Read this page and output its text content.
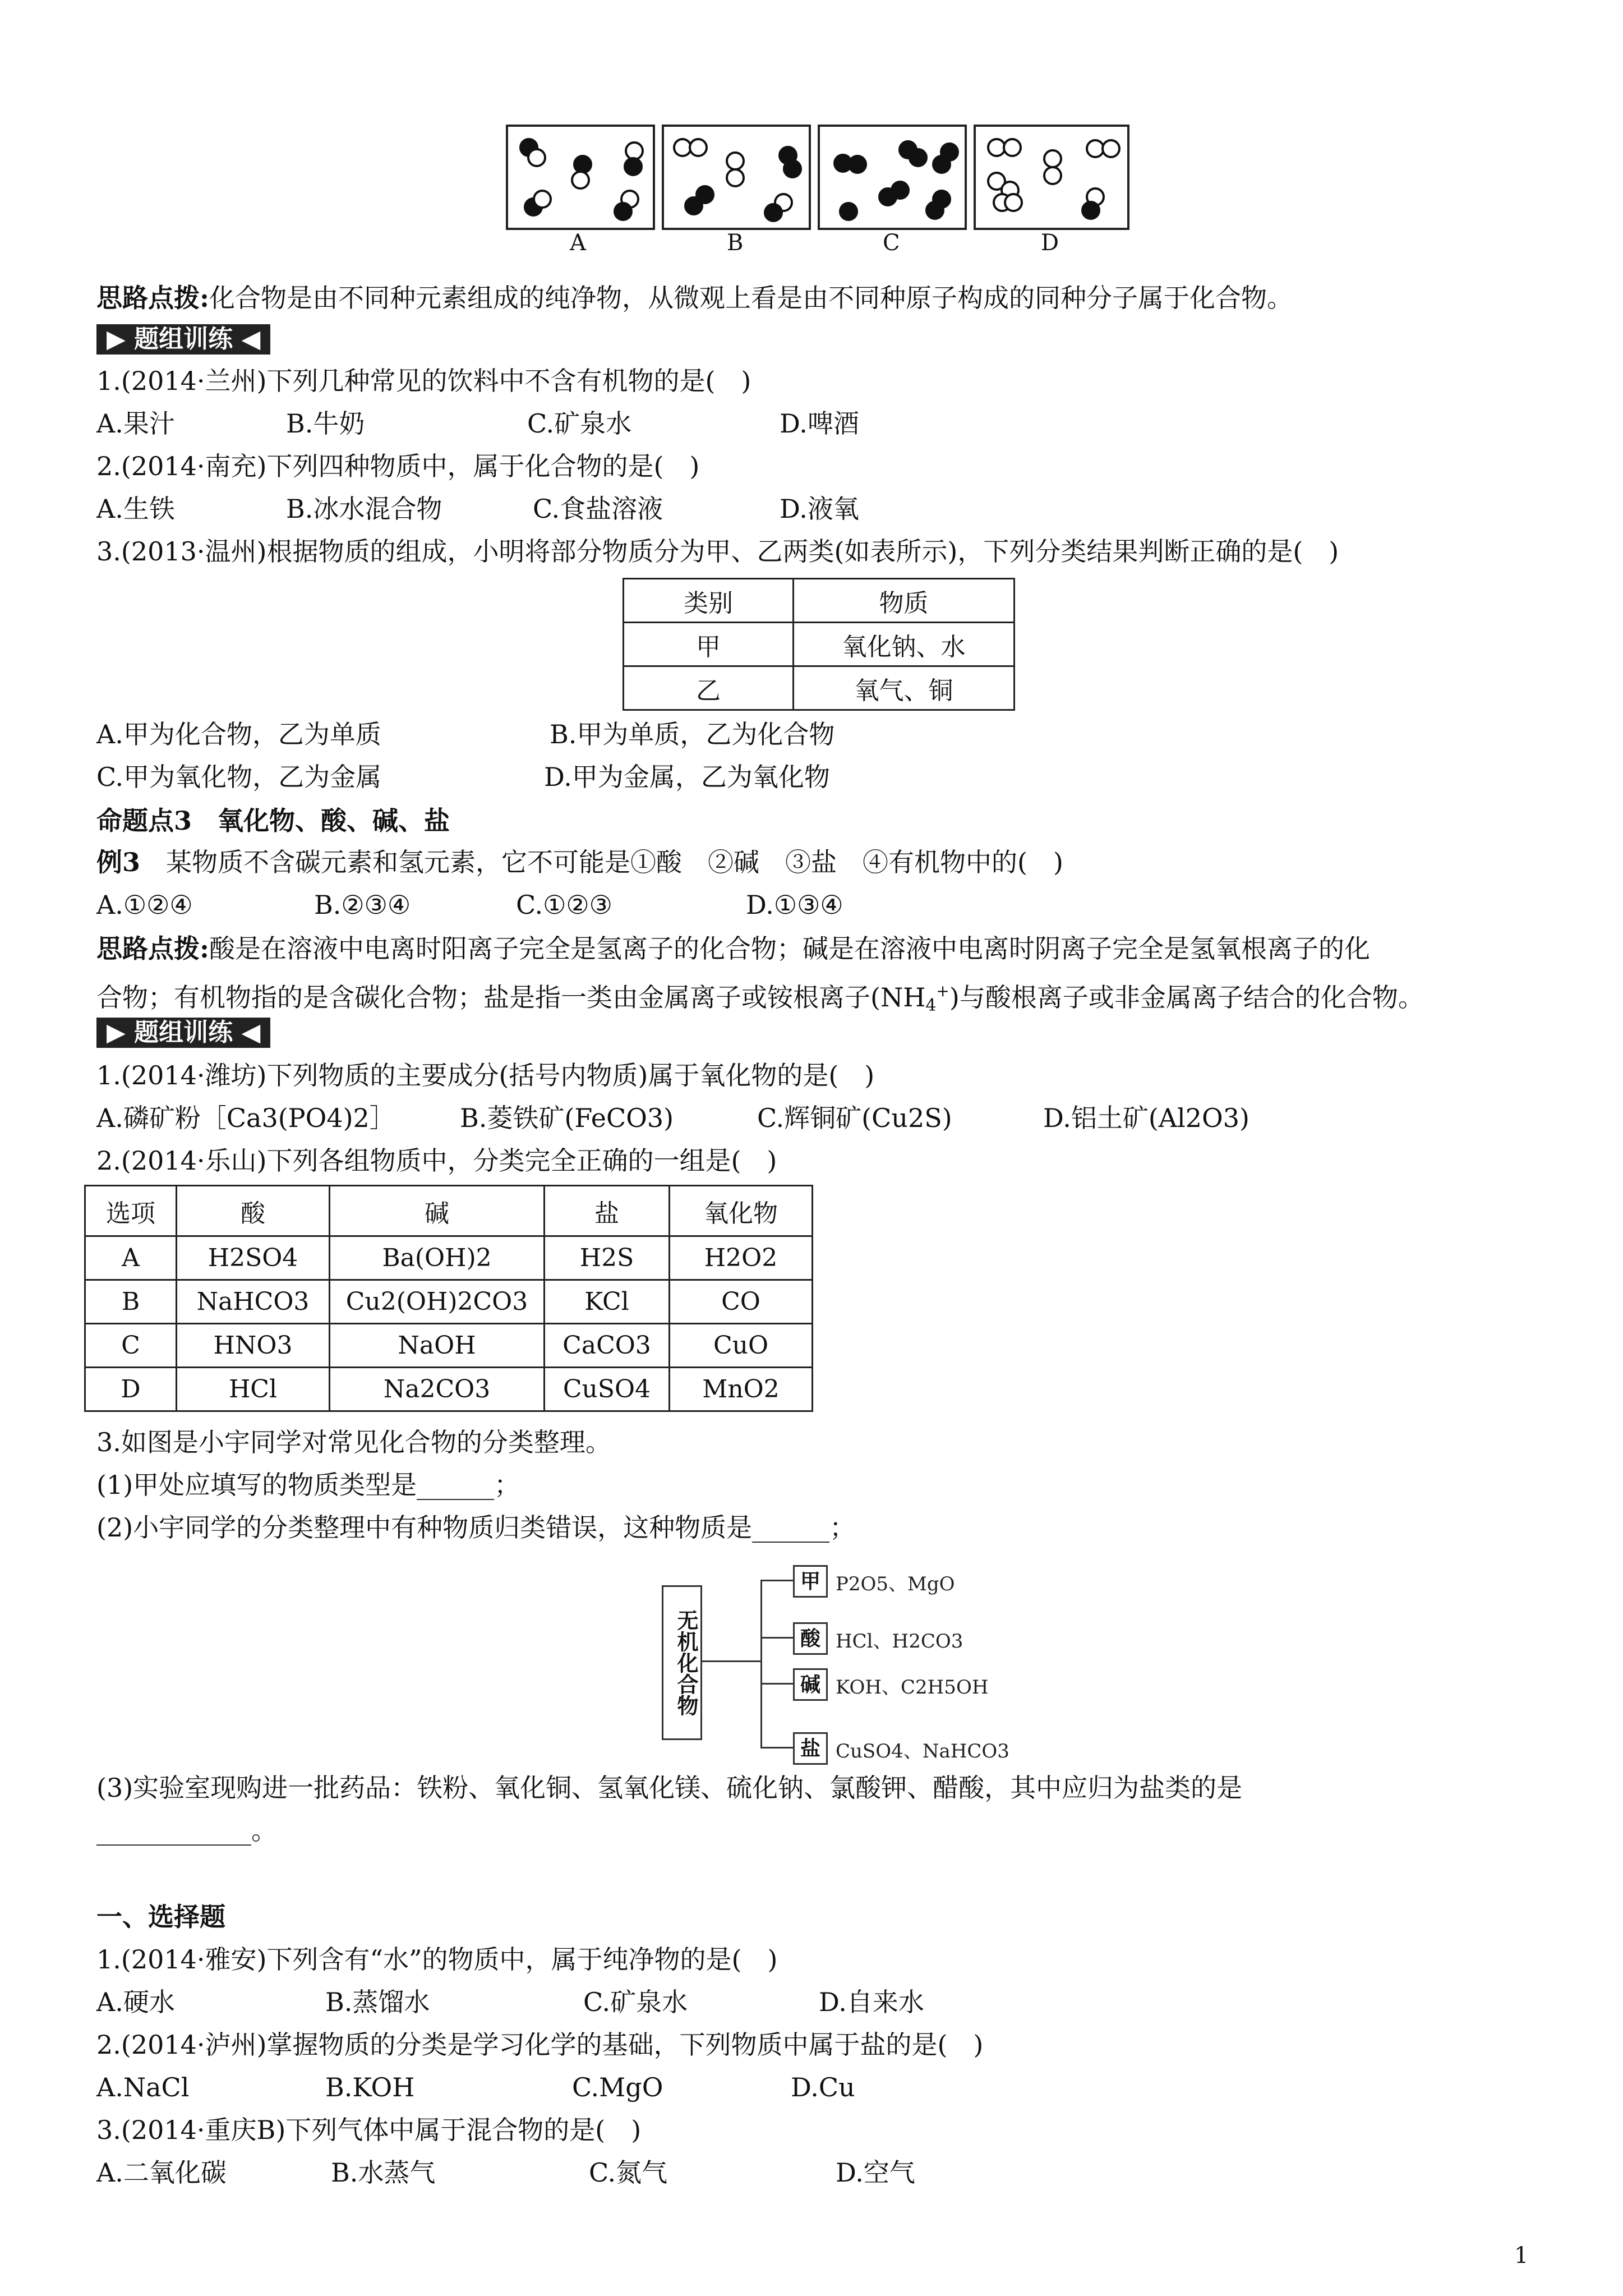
A	B	C	D
思路点拨:化合物是由不同种元素组成的纯净物，从微观上看是由不同种原子构成的同种分子属于化合物。
▶ 题组训练 ◀
1.(2014·兰州)下列几种常见的饮料中不含有机物的是(　)
A.果汁	B.牛奶	C.矿泉水	D.啤酒
2.(2014·南充)下列四种物质中，属于化合物的是(　)
A.生铁	B.冰水混合物	C.食盐溶液	D.液氧
3.(2013·温州)根据物质的组成，小明将部分物质分为甲、乙两类(如表所示)，下列分类结果判断正确的是(　)
类别	物质
甲	氧化钠、水
乙	氧气、铜
A.甲为化合物，乙为单质	B.甲为单质，乙为化合物
C.甲为氧化物，乙为金属	D.甲为金属，乙为氧化物
命题点3　氧化物、酸、碱、盐
例3　 某物质不含碳元素和氢元素，它不可能是①酸　②碱　③盐　④有机物中的(　)
A.①②④	B.②③④	C.①②③	D.①③④
思路点拨:酸是在溶液中电离时阳离子完全是氢离子的化合物；碱是在溶液中电离时阴离子完全是氢氧根离子的化
合物；有机物指的是含碳化合物；盐是指一类由金属离子或铵根离子$(NH_4^+)$与酸根离子或非金属离子结合的化合物。
▶ 题组训练 ◀
1.(2014·潍坊)下列物质的主要成分(括号内物质)属于氧化物的是(　)
A.磷矿粉［Ca3(PO4)2］	B.菱铁矿(FeCO3)	C.辉铜矿(Cu2S)	D.铝土矿(Al2O3)
2.(2014·乐山)下列各组物质中，分类完全正确的一组是(　)
选项	酸	碱	盐	氧化物
A	H2SO4	Ba(OH)2	H2S	H2O2
B	NaHCO3	Cu2(OH)2CO3	KCl	CO
C	HNO3	NaOH	CaCO3	CuO
D	HCl	Na2CO3	CuSO4	MnO2
3.如图是小宇同学对常见化合物的分类整理。
(1)甲处应填写的物质类型是______；
(2)小宇同学的分类整理中有种物质归类错误，这种物质是______；
无机化合物
甲
酸
碱
盐
P2O5、MgO
HCl、H2CO3
KOH、C2H5OH
CuSO4、NaHCO3
(3)实验室现购进一批药品：铁粉、氧化铜、氢氧化镁、硫化钠、氯酸钾、醋酸，其中应归为盐类的是
____________。
一、选择题
1.(2014·雅安)下列含有“水”的物质中，属于纯净物的是(　)
A.硬水	B.蒸馏水	C.矿泉水	D.自来水
2.(2014·泸州)掌握物质的分类是学习化学的基础，下列物质中属于盐的是(　)
A.NaCl	B.KOH	C.MgO	D.Cu
3.(2014·重庆B)下列气体中属于混合物的是(　)
A.二氧化碳	B.水蒸气	C.氮气	D.空气
1
